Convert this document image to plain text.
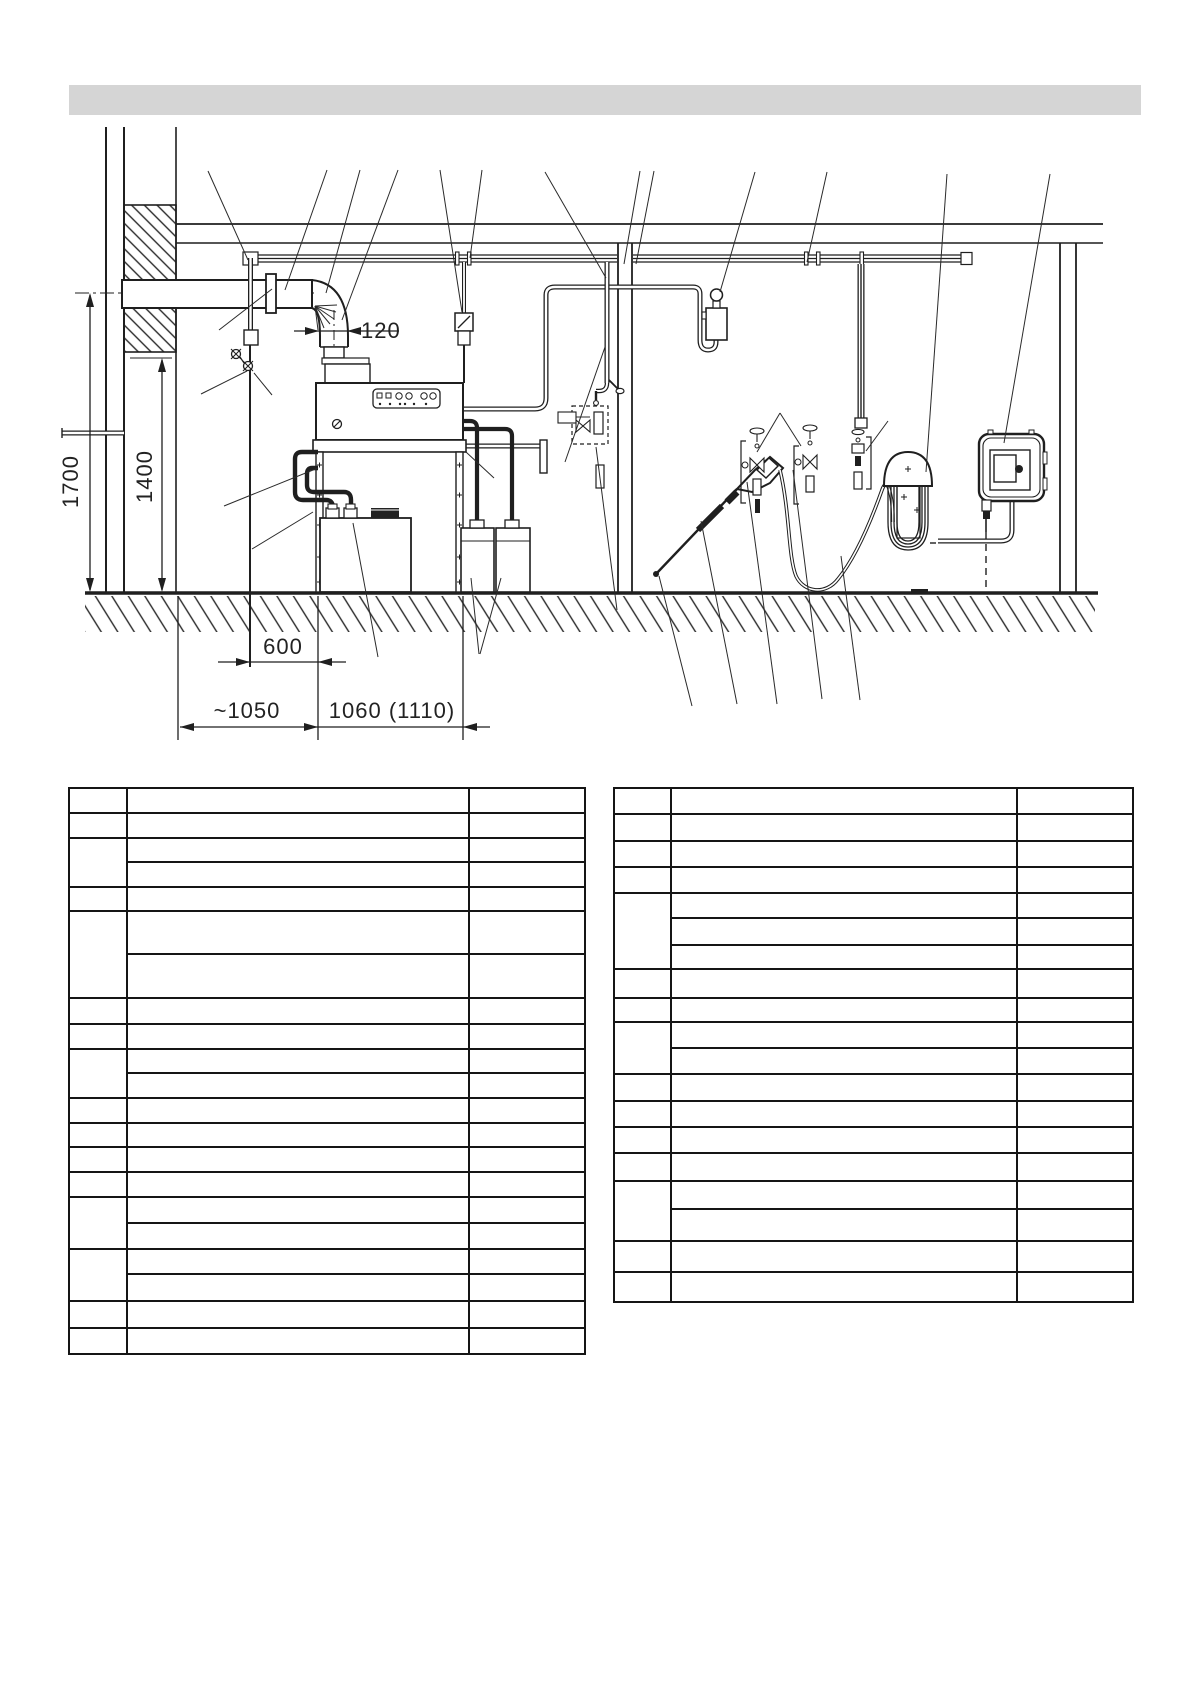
1700 1400
120
600
~1050 1060 (1110)
